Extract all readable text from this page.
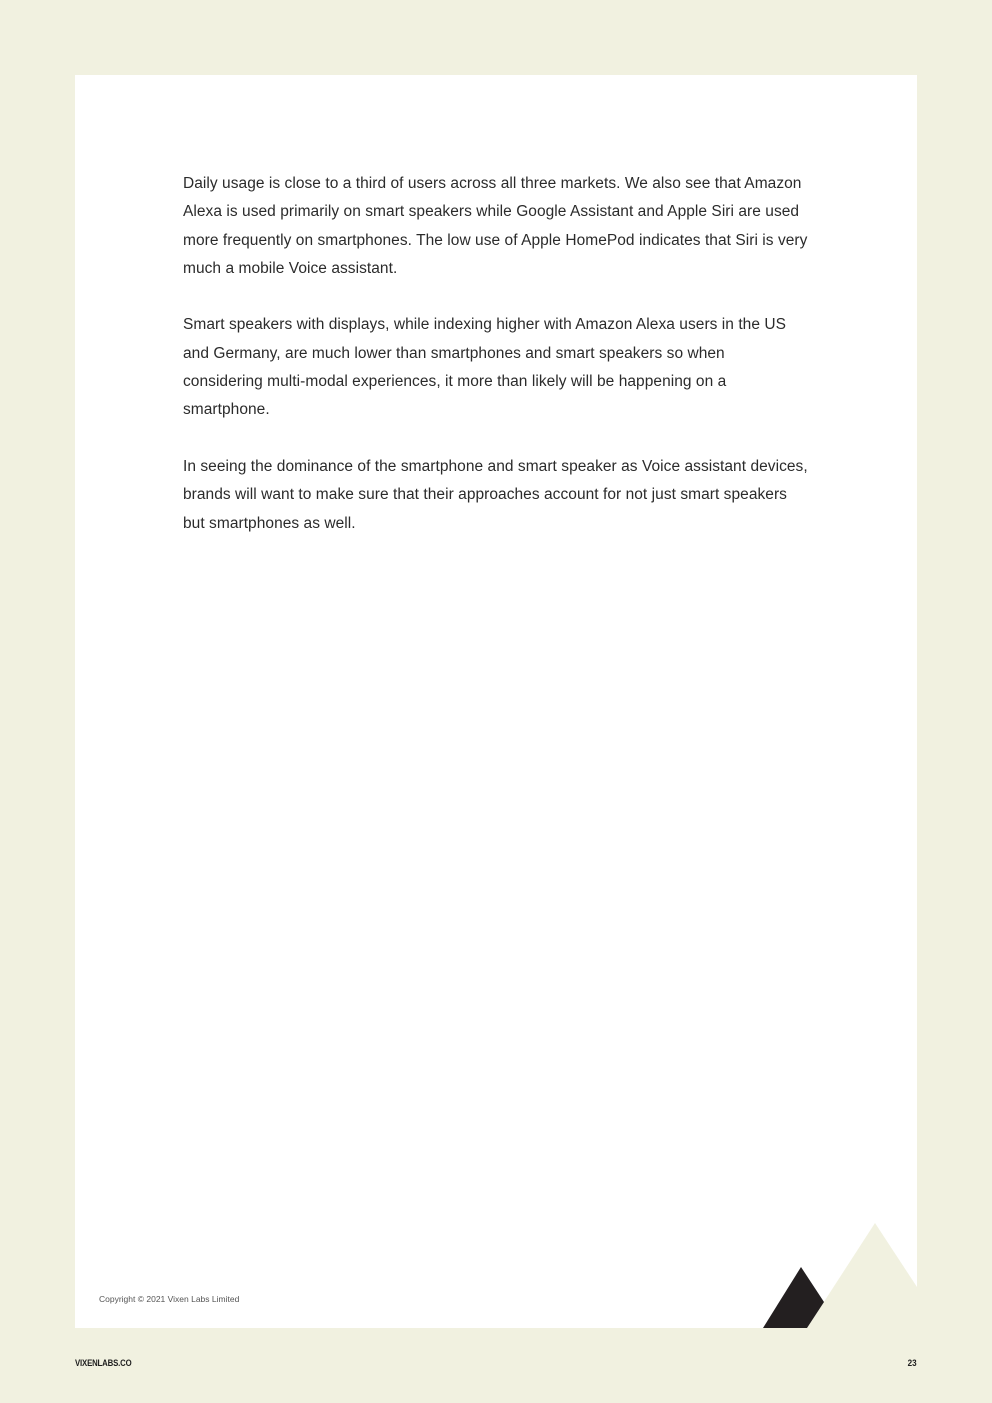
Daily usage is close to a third of users across all three markets. We also see that Amazon Alexa is used primarily on smart speakers while Google Assistant and Apple Siri are used more frequently on smartphones. The low use of Apple HomePod indicates that Siri is very much a mobile Voice assistant.

Smart speakers with displays, while indexing higher with Amazon Alexa users in the US and Germany, are much lower than smartphones and smart speakers so when considering multi-modal experiences, it more than likely will be happening on a smartphone.

In seeing the dominance of the smartphone and smart speaker as Voice assistant devices, brands will want to make sure that their approaches account for not just smart speakers but smartphones as well.

Copyright © 2021 Vixen Labs Limited
VIXENLABS.CO	23
